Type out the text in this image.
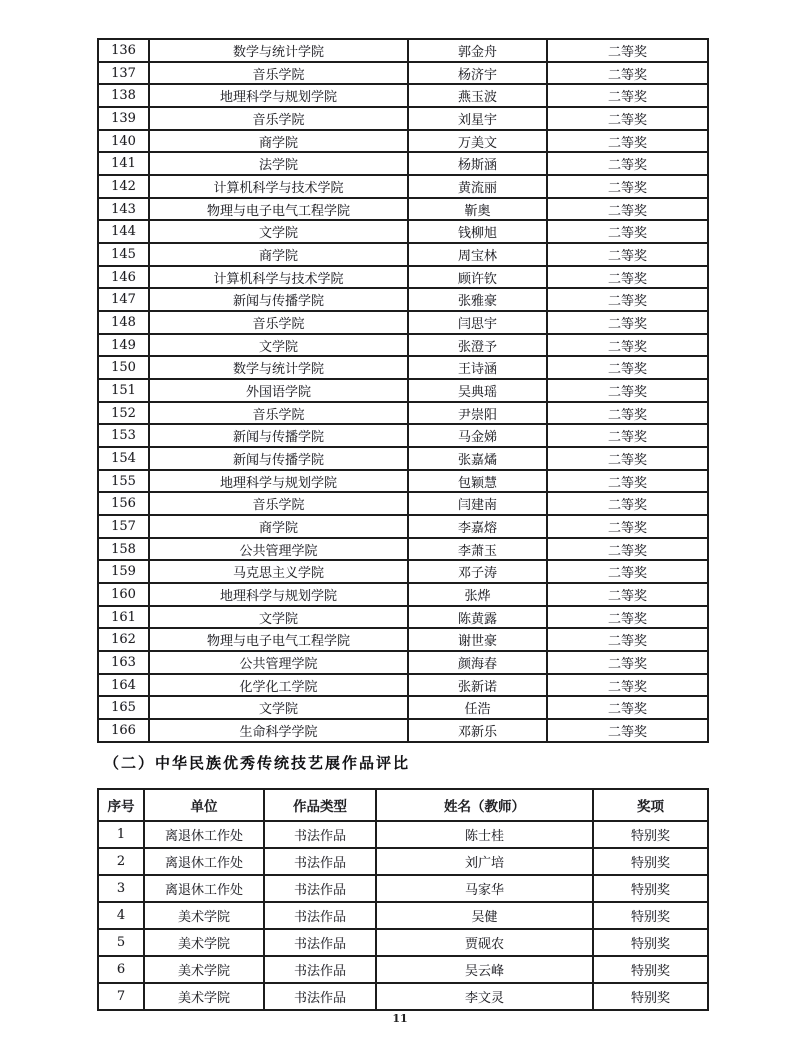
136	数学与统计学院	郭金舟	二等奖
137	音乐学院	杨济宇	二等奖
138	地理科学与规划学院	燕玉波	二等奖
139	音乐学院	刘星宇	二等奖
140	商学院	万美文	二等奖
141	法学院	杨斯涵	二等奖
142	计算机科学与技术学院	黄流丽	二等奖
143	物理与电子电气工程学院	靳奥	二等奖
144	文学院	钱柳旭	二等奖
145	商学院	周宝林	二等奖
146	计算机科学与技术学院	顾许钦	二等奖
147	新闻与传播学院	张雅豪	二等奖
148	音乐学院	闫思宇	二等奖
149	文学院	张澄予	二等奖
150	数学与统计学院	王诗涵	二等奖
151	外国语学院	吴典瑶	二等奖
152	音乐学院	尹崇阳	二等奖
153	新闻与传播学院	马金娣	二等奖
154	新闻与传播学院	张嘉燏	二等奖
155	地理科学与规划学院	包颖慧	二等奖
156	音乐学院	闫建南	二等奖
157	商学院	李嘉熔	二等奖
158	公共管理学院	李萧玉	二等奖
159	马克思主义学院	邓子涛	二等奖
160	地理科学与规划学院	张烨	二等奖
161	文学院	陈黄露	二等奖
162	物理与电子电气工程学院	谢世豪	二等奖
163	公共管理学院	颜海春	二等奖
164	化学化工学院	张新诺	二等奖
165	文学院	任浩	二等奖
166	生命科学学院	邓新乐	二等奖
（二）中华民族优秀传统技艺展作品评比
序号	单位	作品类型	姓名（教师）	奖项
1	离退休工作处	书法作品	陈士桂	特别奖
2	离退休工作处	书法作品	刘广培	特别奖
3	离退休工作处	书法作品	马家华	特别奖
4	美术学院	书法作品	吴健	特别奖
5	美术学院	书法作品	贾砚农	特别奖
6	美术学院	书法作品	吴云峰	特别奖
7	美术学院	书法作品	李文灵	特别奖
11
